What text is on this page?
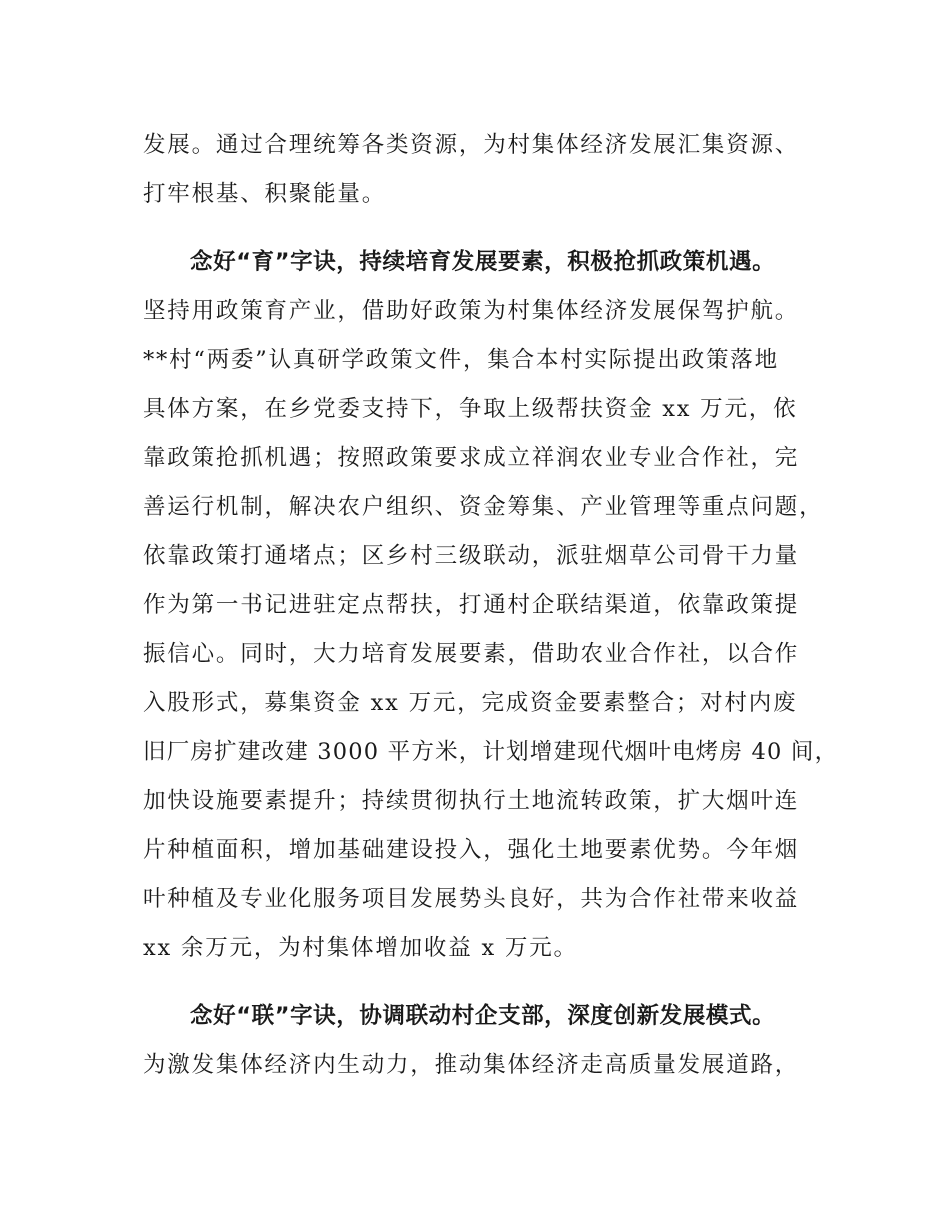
发展。通过合理统筹各类资源，为村集体经济发展汇集资源、
打牢根基、积聚能量。
念好“育”字诀，持续培育发展要素，积极抢抓政策机遇。
坚持用政策育产业，借助好政策为村集体经济发展保驾护航。
**村“两委”认真研学政策文件，集合本村实际提出政策落地
具体方案，在乡党委支持下，争取上级帮扶资金 xx 万元，依
靠政策抢抓机遇；按照政策要求成立祥润农业专业合作社，完
善运行机制，解决农户组织、资金筹集、产业管理等重点问题，
依靠政策打通堵点；区乡村三级联动，派驻烟草公司骨干力量
作为第一书记进驻定点帮扶，打通村企联结渠道，依靠政策提
振信心。同时，大力培育发展要素，借助农业合作社，以合作
入股形式，募集资金 xx 万元，完成资金要素整合；对村内废
旧厂房扩建改建 3000 平方米，计划增建现代烟叶电烤房 40 间，
加快设施要素提升；持续贯彻执行土地流转政策，扩大烟叶连
片种植面积，增加基础建设投入，强化土地要素优势。今年烟
叶种植及专业化服务项目发展势头良好，共为合作社带来收益
xx 余万元，为村集体增加收益 x 万元。
念好“联”字诀，协调联动村企支部，深度创新发展模式。
为激发集体经济内生动力，推动集体经济走高质量发展道路，
